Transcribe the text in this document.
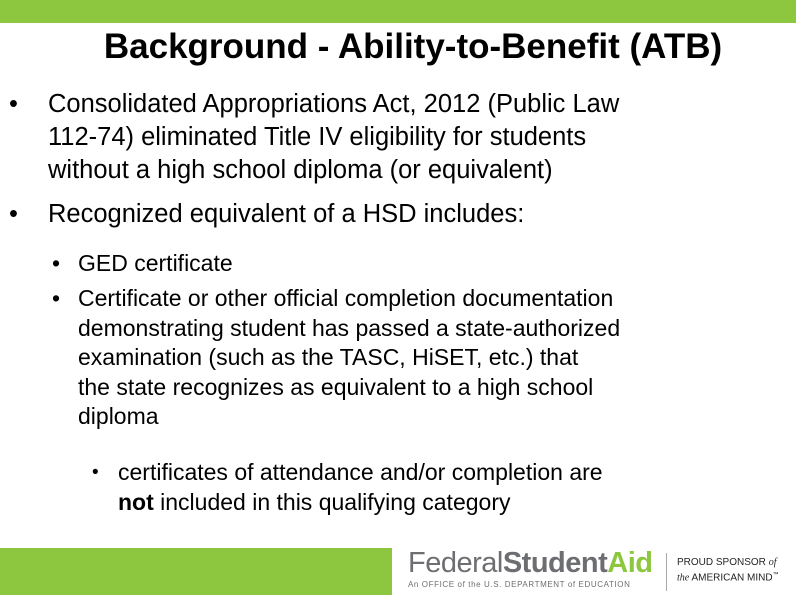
Background - Ability-to-Benefit (ATB)
• Consolidated Appropriations Act, 2012 (Public Law
112-74) eliminated Title IV eligibility for students
without a high school diploma (or equivalent)
• Recognized equivalent of a HSD includes:
• GED certificate
• Certificate or other official completion documentation
demonstrating student has passed a state-authorized
examination (such as the TASC, HiSET, etc.) that
the state recognizes as equivalent to a high school
diploma
• certificates of attendance and/or completion are
not included in this qualifying category
FederalStudentAid
An OFFICE of the U.S. DEPARTMENT of EDUCATION
PROUD SPONSOR of
the AMERICAN MIND™
